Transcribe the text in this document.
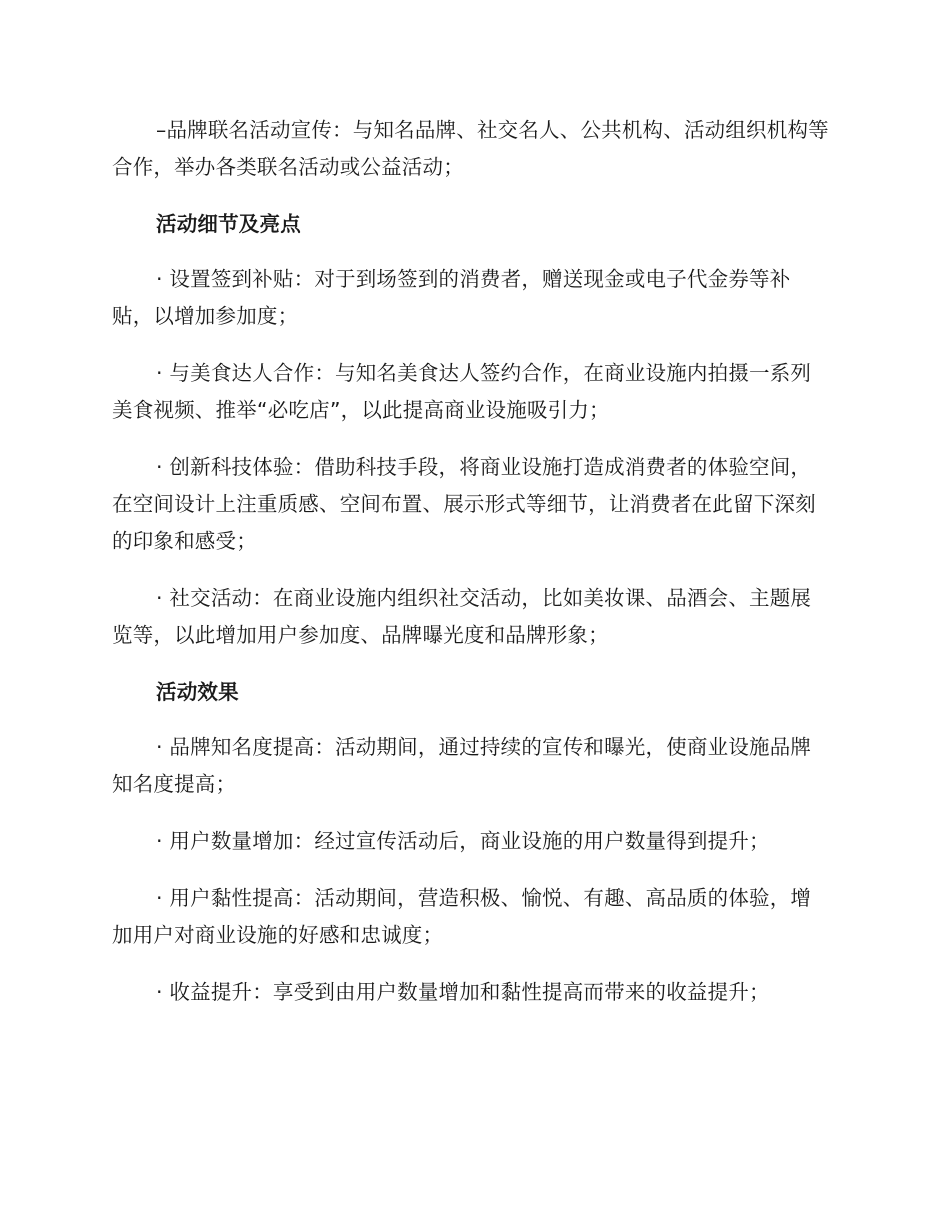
–品牌联名活动宣传：与知名品牌、社交名人、公共机构、活动组织机构等合作，举办各类联名活动或公益活动；

活动细节及亮点

· 设置签到补贴：对于到场签到的消费者，赠送现金或电子代金券等补贴，以增加参加度；

· 与美食达人合作：与知名美食达人签约合作，在商业设施内拍摄一系列美食视频、推举“必吃店”，以此提高商业设施吸引力；

· 创新科技体验：借助科技手段，将商业设施打造成消费者的体验空间，在空间设计上注重质感、空间布置、展示形式等细节，让消费者在此留下深刻的印象和感受；

· 社交活动：在商业设施内组织社交活动，比如美妆课、品酒会、主题展览等，以此增加用户参加度、品牌曝光度和品牌形象；

活动效果

· 品牌知名度提高：活动期间，通过持续的宣传和曝光，使商业设施品牌知名度提高；

· 用户数量增加：经过宣传活动后，商业设施的用户数量得到提升；

· 用户黏性提高：活动期间，营造积极、愉悦、有趣、高品质的体验，增加用户对商业设施的好感和忠诚度；

· 收益提升：享受到由用户数量增加和黏性提高而带来的收益提升；
